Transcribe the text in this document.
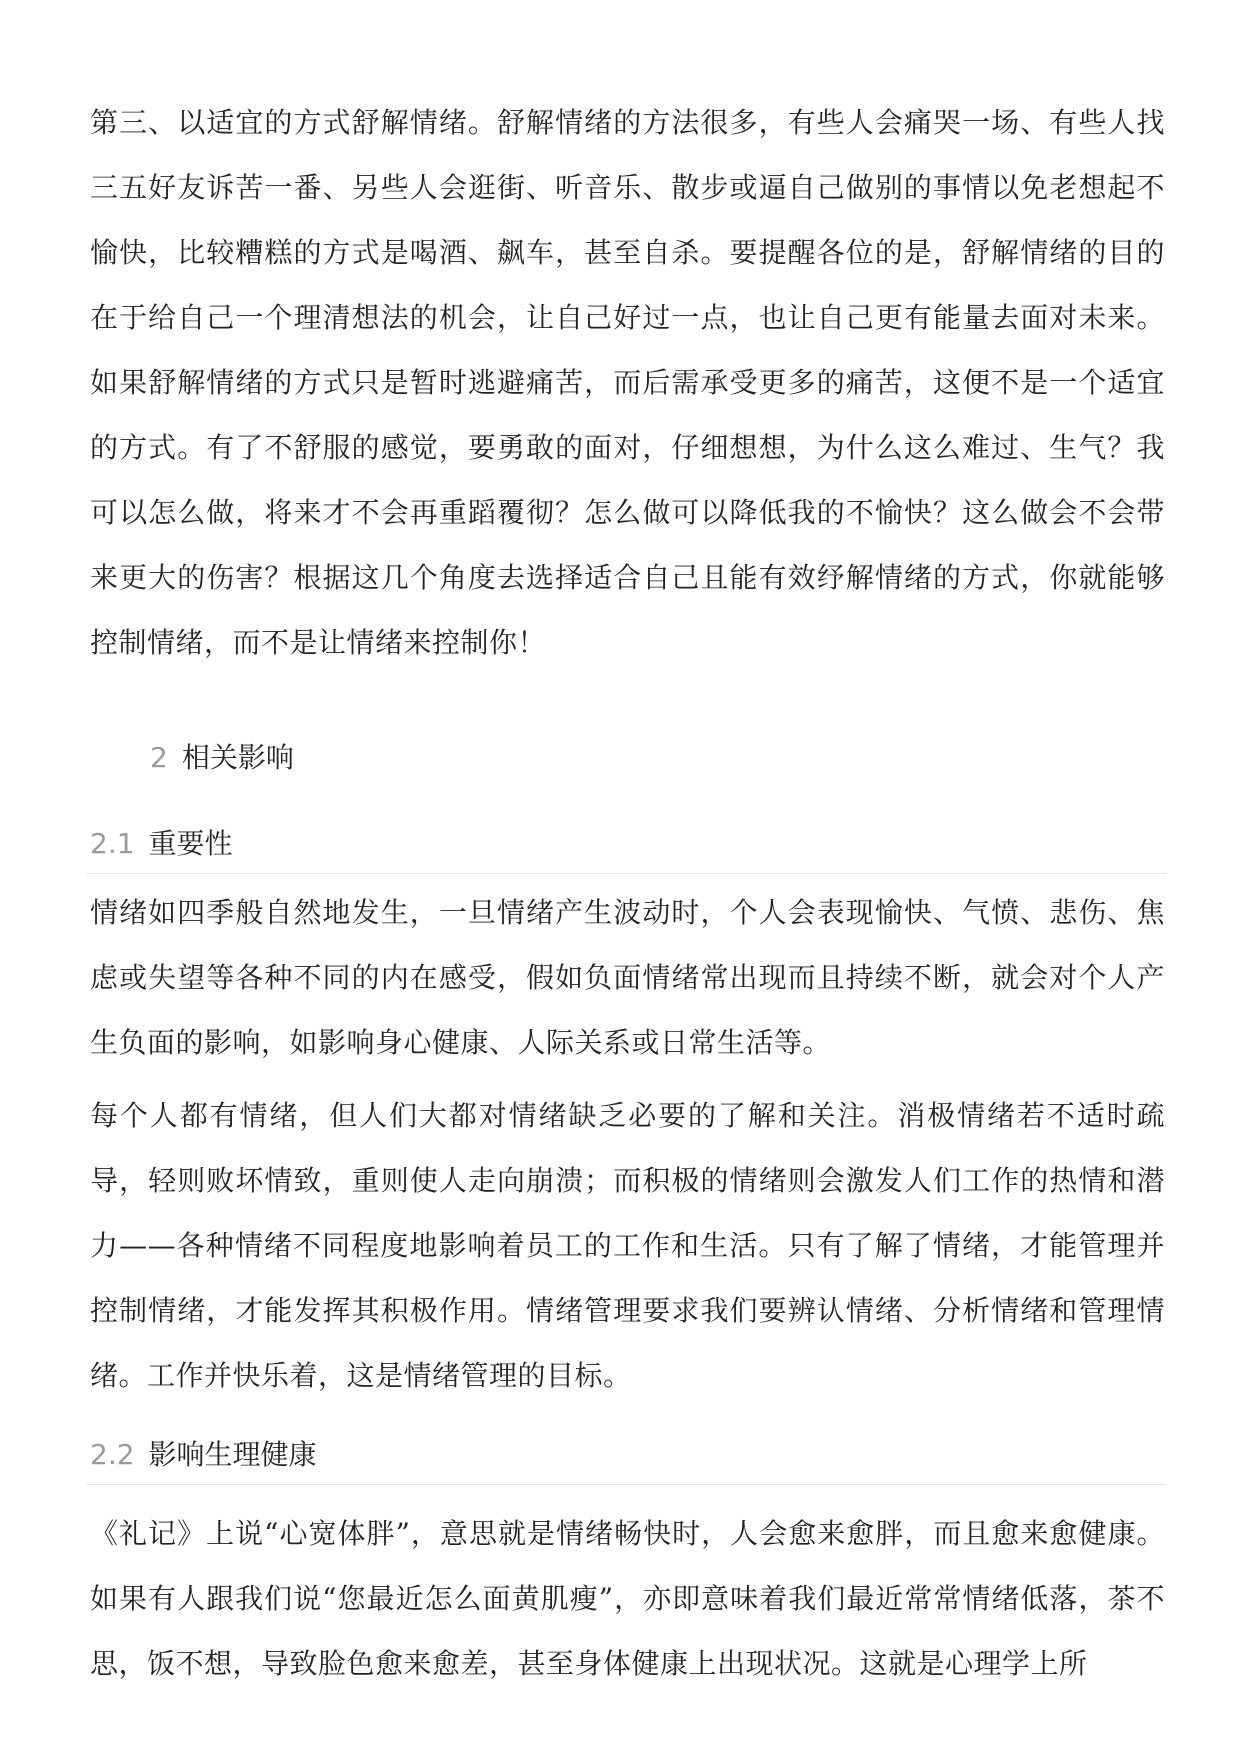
第三、以适宜的方式舒解情绪。舒解情绪的方法很多，有些人会痛哭一场、有些人找三五好友诉苦一番、另些人会逛街、听音乐、散步或逼自己做别的事情以免老想起不愉快，比较糟糕的方式是喝酒、飙车，甚至自杀。要提醒各位的是，舒解情绪的目的在于给自己一个理清想法的机会，让自己好过一点，也让自己更有能量去面对未来。如果舒解情绪的方式只是暂时逃避痛苦，而后需承受更多的痛苦，这便不是一个适宜的方式。有了不舒服的感觉，要勇敢的面对，仔细想想，为什么这么难过、生气？我可以怎么做，将来才不会再重蹈覆彻？怎么做可以降低我的不愉快？这么做会不会带来更大的伤害？根据这几个角度去选择适合自己且能有效纾解情绪的方式，你就能够控制情绪，而不是让情绪来控制你！

2 相关影响
2.1 重要性

情绪如四季般自然地发生，一旦情绪产生波动时，个人会表现愉快、气愤、悲伤、焦虑或失望等各种不同的内在感受，假如负面情绪常出现而且持续不断，就会对个人产生负面的影响，如影响身心健康、人际关系或日常生活等。

每个人都有情绪，但人们大都对情绪缺乏必要的了解和关注。消极情绪若不适时疏导，轻则败坏情致，重则使人走向崩溃；而积极的情绪则会激发人们工作的热情和潜力——各种情绪不同程度地影响着员工的工作和生活。只有了解了情绪，才能管理并控制情绪，才能发挥其积极作用。情绪管理要求我们要辨认情绪、分析情绪和管理情绪。工作并快乐着，这是情绪管理的目标。

2.2 影响生理健康

《礼记》上说“心宽体胖”，意思就是情绪畅快时，人会愈来愈胖，而且愈来愈健康。如果有人跟我们说“您最近怎么面黄肌瘦”，亦即意味着我们最近常常情绪低落，茶不思，饭不想，导致脸色愈来愈差，甚至身体健康上出现状况。这就是心理学上所
